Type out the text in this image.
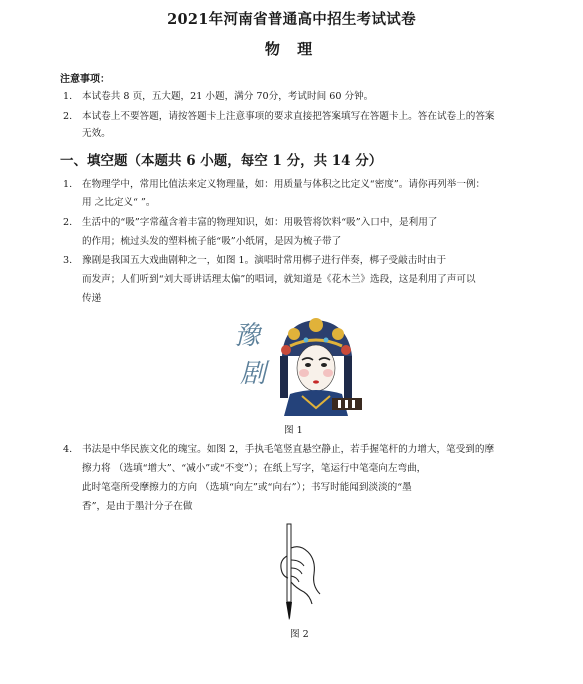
2021年河南省普通高中招生考试试卷
物 理
注意事项：
1. 本试卷共 8 页，五大题，21 小题，满分 70分，考试时间 60 分钟。
2. 本试卷上不要答题，请按答题卡上注意事项的要求直接把答案填写在答题卡上。答在试卷上的答案
无效。
一、填空题（本题共 6 小题，每空 1 分，共 14 分）
1. 在物理学中，常用比值法来定义物理量，如：用质量与体积之比定义“密度”。请你再列举一例：
用 之比定义“ ”。
2. 生活中的“吸”字常蕴含着丰富的物理知识，如：用吸管将饮料“吸”入口中，是利用了
的作用；梳过头发的塑料梳子能“吸”小纸屑，是因为梳子带了
3. 豫剧是我国五大戏曲剧种之一，如图 1。演唱时常用梆子进行伴奏，梆子受敲击时由于
而发声；人们听到“刘大哥讲话理太偏”的唱词，就知道是《花木兰》选段，这是利用了声可以
传递
豫
剧
图 1
4. 书法是中华民族文化的瑰宝。如图 2，手执毛笔竖直悬空静止，若手握笔杆的力增大，笔受到的摩
擦力将 （选填“增大”、“减小”或“不变”）；在纸上写字，笔运行中笔毫向左弯曲，
此时笔毫所受摩擦力的方向 （选填“向左”或“向右”）；书写时能闻到淡淡的“墨
香”，是由于墨汁分子在做
图 2
